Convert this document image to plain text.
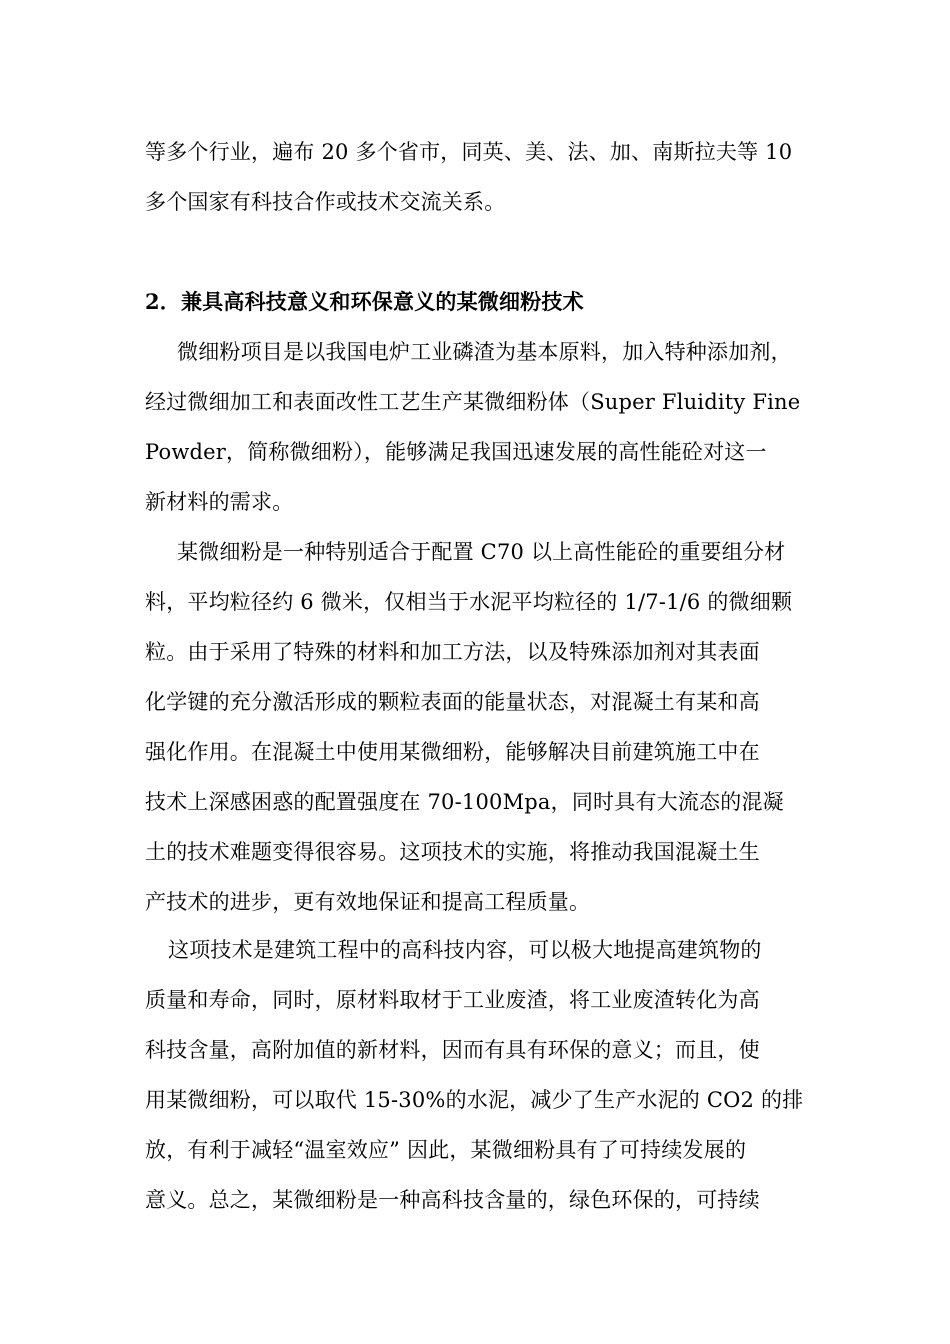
等多个行业，遍布 20 多个省市，同英、美、法、加、南斯拉夫等 10
多个国家有科技合作或技术交流关系。
2．兼具高科技意义和环保意义的某微细粉技术
微细粉项目是以我国电炉工业磷渣为基本原料，加入特种添加剂，
经过微细加工和表面改性工艺生产某微细粉体（Super Fluidity Fine
Powder，简称微细粉），能够满足我国迅速发展的高性能砼对这一
新材料的需求。
某微细粉是一种特别适合于配置 C70 以上高性能砼的重要组分材
料，平均粒径约 6 微米，仅相当于水泥平均粒径的 1/7-1/6 的微细颗
粒。由于采用了特殊的材料和加工方法，以及特殊添加剂对其表面
化学键的充分激活形成的颗粒表面的能量状态，对混凝土有某和高
强化作用。在混凝土中使用某微细粉，能够解决目前建筑施工中在
技术上深感困惑的配置强度在 70-100Mpa，同时具有大流态的混凝
土的技术难题变得很容易。这项技术的实施，将推动我国混凝土生
产技术的进步，更有效地保证和提高工程质量。
这项技术是建筑工程中的高科技内容，可以极大地提高建筑物的
质量和寿命，同时，原材料取材于工业废渣，将工业废渣转化为高
科技含量，高附加值的新材料，因而有具有环保的意义；而且，使
用某微细粉，可以取代 15-30%的水泥，减少了生产水泥的 CO2 的排
放，有利于减轻“温室效应” 因此，某微细粉具有了可持续发展的
意义。总之，某微细粉是一种高科技含量的，绿色环保的，可持续
